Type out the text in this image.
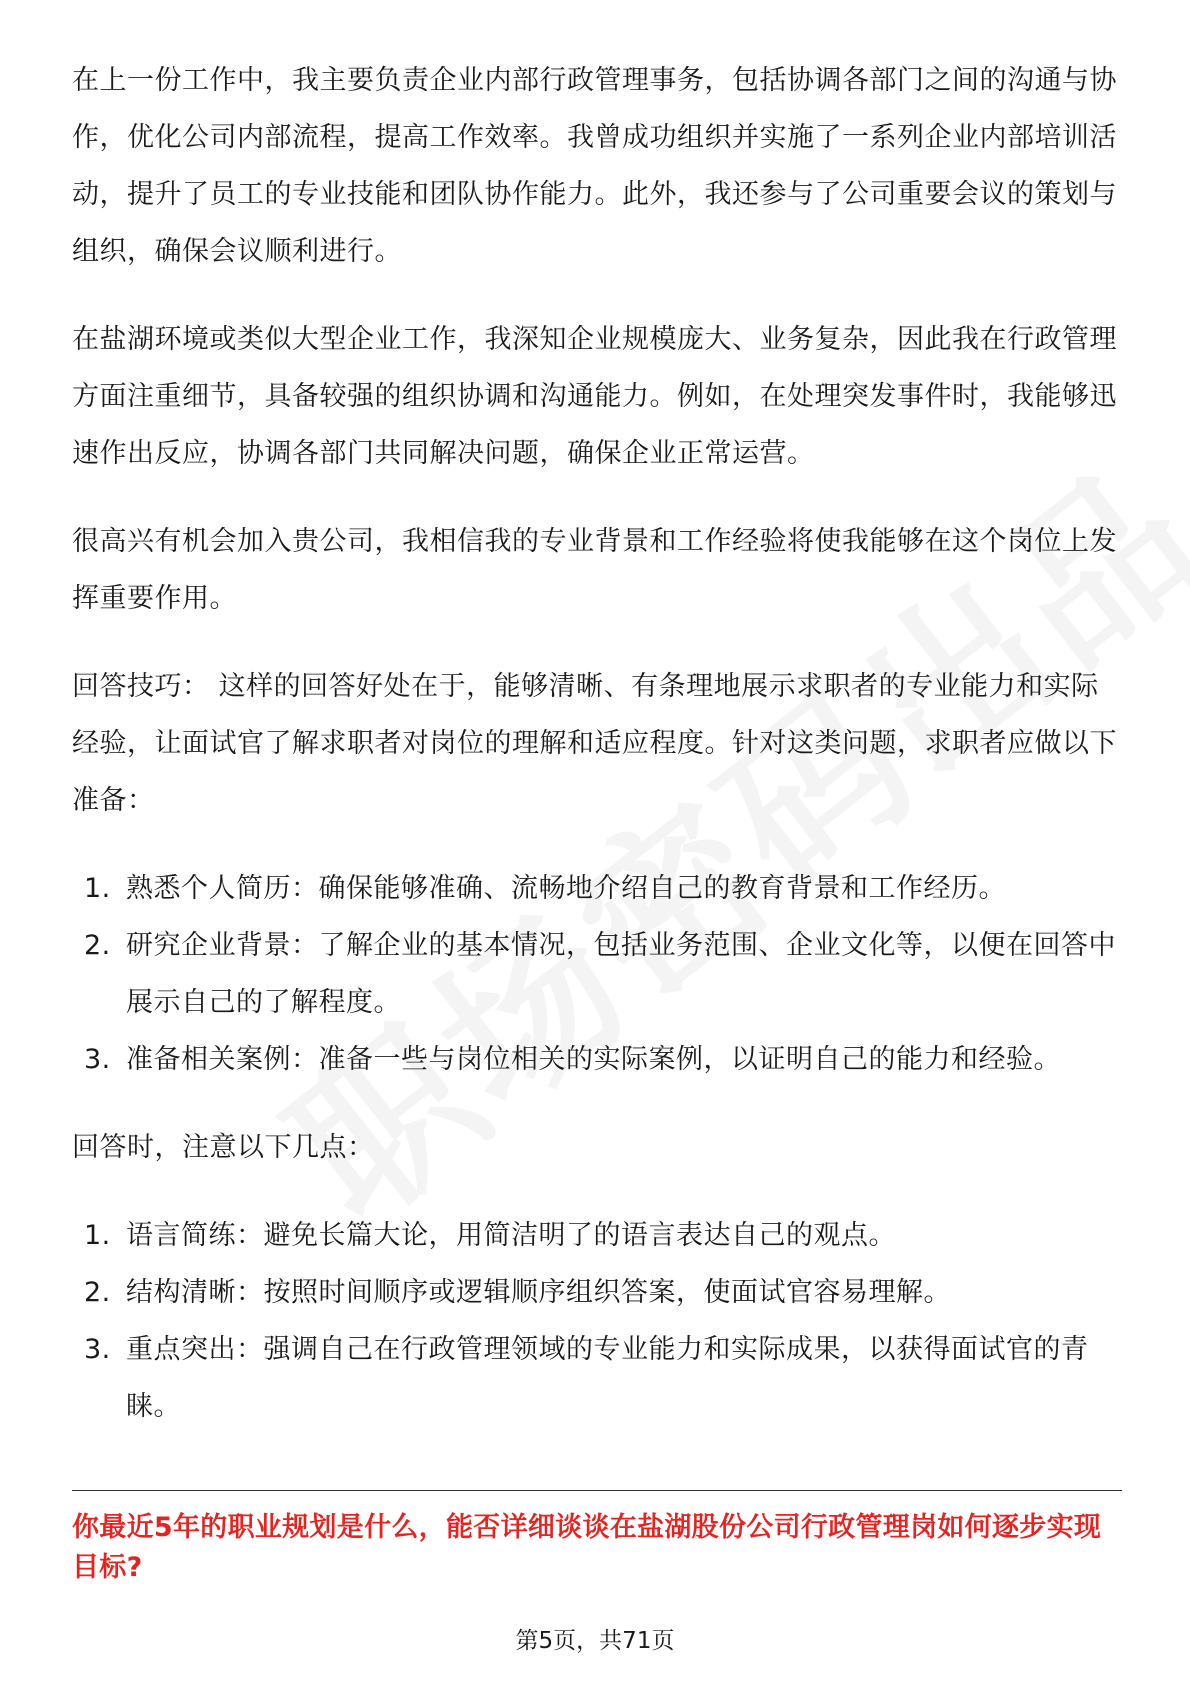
在上一份工作中，我主要负责企业内部行政管理事务，包括协调各部门之间的沟通与协作，优化公司内部流程，提高工作效率。我曾成功组织并实施了一系列企业内部培训活动，提升了员工的专业技能和团队协作能力。此外，我还参与了公司重要会议的策划与组织，确保会议顺利进行。

在盐湖环境或类似大型企业工作，我深知企业规模庞大、业务复杂，因此我在行政管理方面注重细节，具备较强的组织协调和沟通能力。例如，在处理突发事件时，我能够迅速作出反应，协调各部门共同解决问题，确保企业正常运营。

很高兴有机会加入贵公司，我相信我的专业背景和工作经验将使我能够在这个岗位上发挥重要作用。

回答技巧： 这样的回答好处在于，能够清晰、有条理地展示求职者的专业能力和实际经验，让面试官了解求职者对岗位的理解和适应程度。针对这类问题，求职者应做以下准备：

1. 熟悉个人简历：确保能够准确、流畅地介绍自己的教育背景和工作经历。
2. 研究企业背景：了解企业的基本情况，包括业务范围、企业文化等，以便在回答中展示自己的了解程度。
3. 准备相关案例：准备一些与岗位相关的实际案例，以证明自己的能力和经验。

回答时，注意以下几点：

1. 语言简练：避免长篇大论，用简洁明了的语言表达自己的观点。
2. 结构清晰：按照时间顺序或逻辑顺序组织答案，使面试官容易理解。
3. 重点突出：强调自己在行政管理领域的专业能力和实际成果，以获得面试官的青睐。
你最近5年的职业规划是什么，能否详细谈谈在盐湖股份公司行政管理岗如何逐步实现目标?
第5页，共71页
